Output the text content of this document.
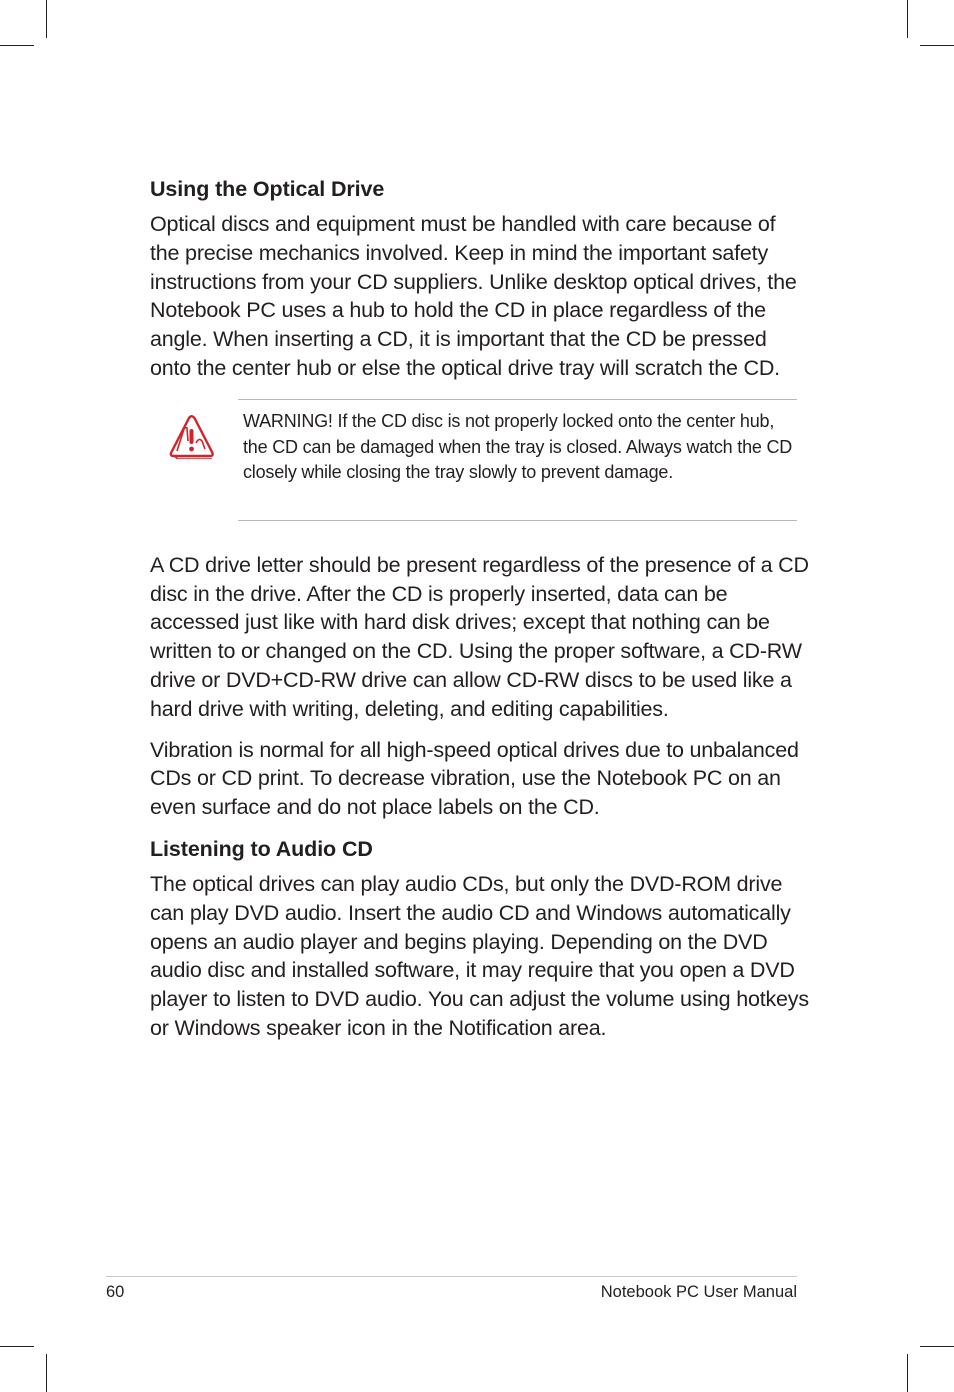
Using the Optical Drive

Optical discs and equipment must be handled with care because of the precise mechanics involved. Keep in mind the important safety instructions from your CD suppliers. Unlike desktop optical drives, the Notebook PC uses a hub to hold the CD in place regardless of the angle. When inserting a CD, it is important that the CD be pressed onto the center hub or else the optical drive tray will scratch the CD.

WARNING! If the CD disc is not properly locked onto the center hub, the CD can be damaged when the tray is closed. Always watch the CD closely while closing the tray slowly to prevent damage.

A CD drive letter should be present regardless of the presence of a CD disc in the drive. After the CD is properly inserted, data can be accessed just like with hard disk drives; except that nothing can be written to or changed on the CD. Using the proper software, a CD-RW drive or DVD+CD-RW drive can allow CD-RW discs to be used like a hard drive with writing, deleting, and editing capabilities.

Vibration is normal for all high-speed optical drives due to unbalanced CDs or CD print. To decrease vibration, use the Notebook PC on an even surface and do not place labels on the CD.

Listening to Audio CD

The optical drives can play audio CDs, but only the DVD-ROM drive can play DVD audio. Insert the audio CD and Windows automatically opens an audio player and begins playing. Depending on the DVD audio disc and installed software, it may require that you open a DVD player to listen to DVD audio. You can adjust the volume using hotkeys or Windows speaker icon in the Notification area.

60	Notebook PC User Manual
